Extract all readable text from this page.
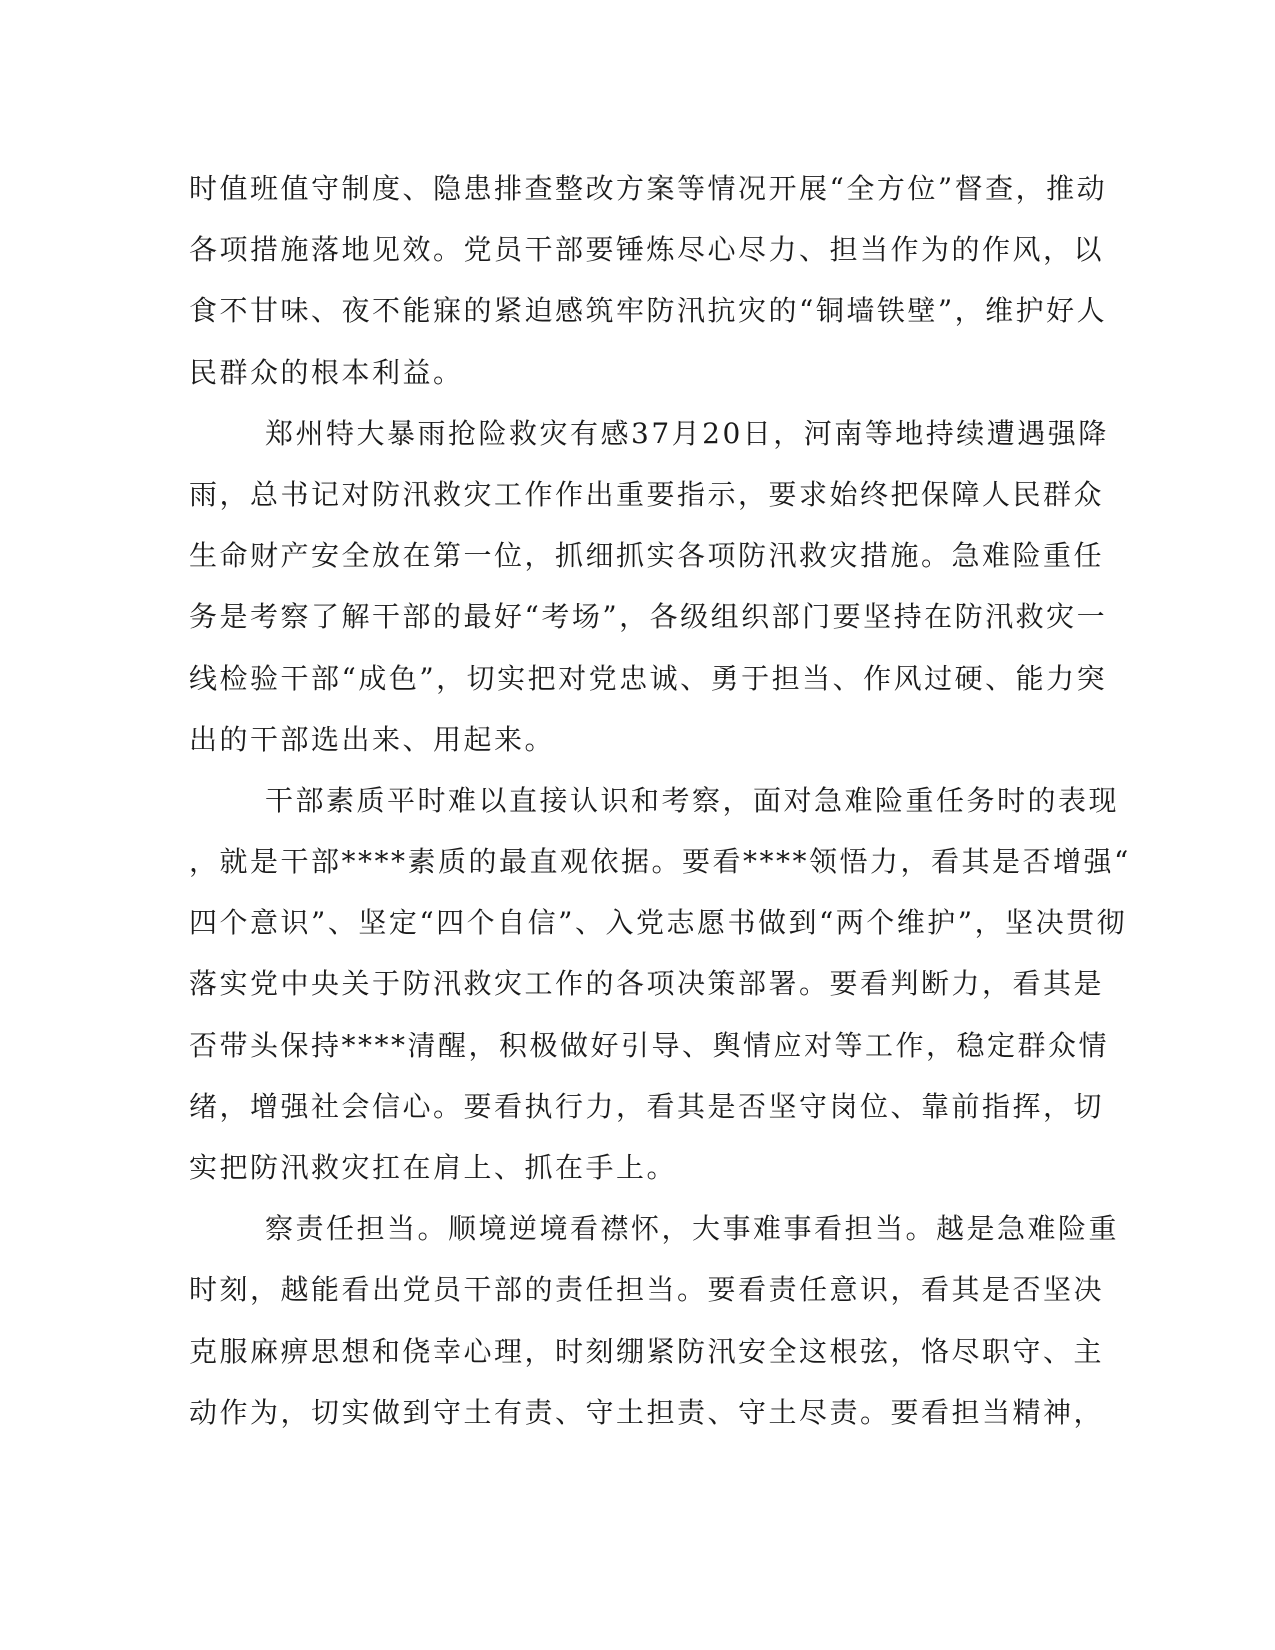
时值班值守制度、隐患排查整改方案等情况开展“全方位”督查，推动
各项措施落地见效。党员干部要锤炼尽心尽力、担当作为的作风，以
食不甘味、夜不能寐的紧迫感筑牢防汛抗灾的“铜墙铁壁”，维护好人
民群众的根本利益。
郑州特大暴雨抢险救灾有感37月20日，河南等地持续遭遇强降
雨，总书记对防汛救灾工作作出重要指示，要求始终把保障人民群众
生命财产安全放在第一位，抓细抓实各项防汛救灾措施。急难险重任
务是考察了解干部的最好“考场”，各级组织部门要坚持在防汛救灾一
线检验干部“成色”，切实把对党忠诚、勇于担当、作风过硬、能力突
出的干部选出来、用起来。
干部素质平时难以直接认识和考察，面对急难险重任务时的表现
，就是干部****素质的最直观依据。要看****领悟力，看其是否增强“
四个意识”、坚定“四个自信”、入党志愿书做到“两个维护”，坚决贯彻
落实党中央关于防汛救灾工作的各项决策部署。要看判断力，看其是
否带头保持****清醒，积极做好引导、舆情应对等工作，稳定群众情
绪，增强社会信心。要看执行力，看其是否坚守岗位、靠前指挥，切
实把防汛救灾扛在肩上、抓在手上。
察责任担当。顺境逆境看襟怀，大事难事看担当。越是急难险重
时刻，越能看出党员干部的责任担当。要看责任意识，看其是否坚决
克服麻痹思想和侥幸心理，时刻绷紧防汛安全这根弦，恪尽职守、主
动作为，切实做到守土有责、守土担责、守土尽责。要看担当精神，
